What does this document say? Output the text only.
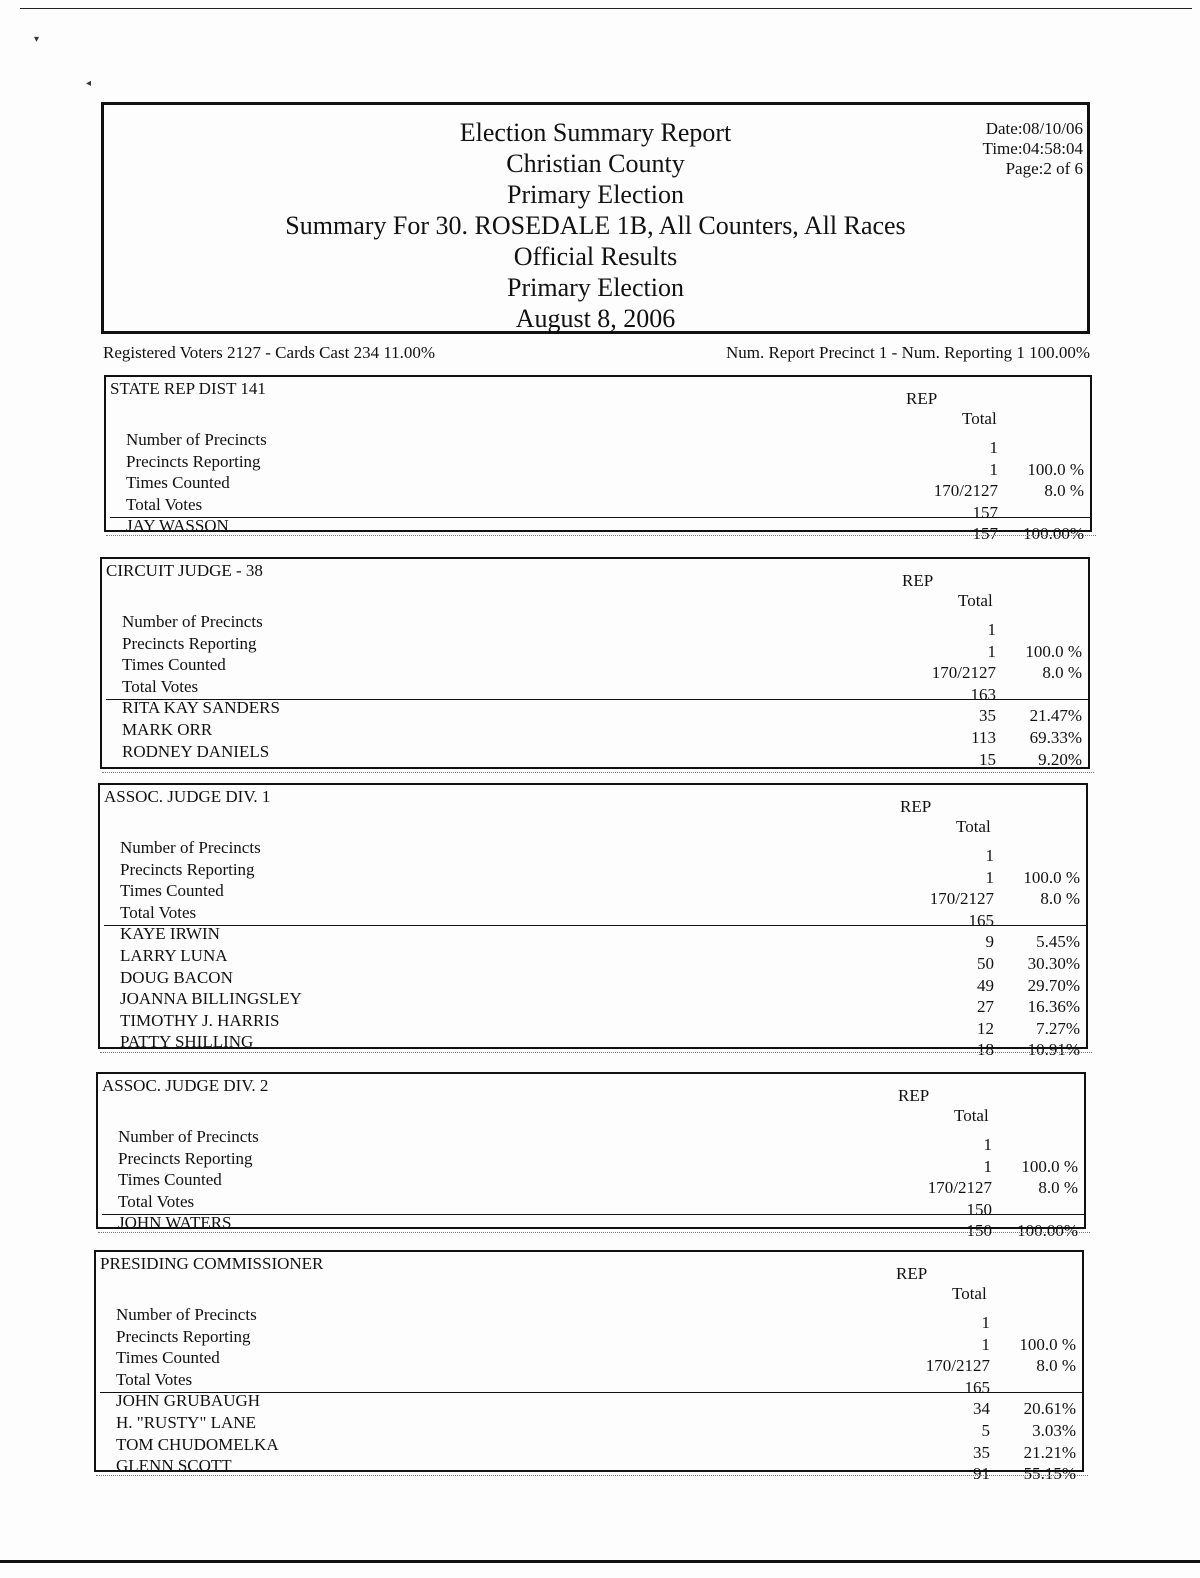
▾
◂
Election Summary Report
Christian County
Primary Election
Summary For 30. ROSEDALE 1B, All Counters, All Races
Official Results
Primary Election
August 8, 2006
Date:08/10/06
Time:04:58:04
Page:2 of 6
Registered Voters 2127 - Cards Cast 234 11.00%	Num. Report Precinct 1 - Num. Reporting 1 100.00%
STATE REP DIST 141
REP
Total
Number of Precincts	1
Precincts Reporting	1 100.0 %
Times Counted	170/2127	8.0 %
Total Votes	157
JAY WASSON	157 100.00%
CIRCUIT JUDGE - 38
REP
Total
Number of Precincts	1
Precincts Reporting	1 100.0 %
Times Counted	170/2127	8.0 %
Total Votes	163
RITA KAY SANDERS	35 21.47%
MARK ORR	113 69.33%
RODNEY DANIELS	15 9.20%
ASSOC. JUDGE DIV. 1
REP
Total
Number of Precincts	1
Precincts Reporting	1 100.0 %
Times Counted	170/2127	8.0 %
Total Votes	165
KAYE IRWIN	9 5.45%
LARRY LUNA	50 30.30%
DOUG BACON	49 29.70%
JOANNA BILLINGSLEY	27 16.36%
TIMOTHY J. HARRIS	12 7.27%
PATTY SHILLING	18 10.91%
ASSOC. JUDGE DIV. 2
REP
Total
Number of Precincts	1
Precincts Reporting	1 100.0 %
Times Counted	170/2127	8.0 %
Total Votes	150
JOHN WATERS	150 100.00%
PRESIDING COMMISSIONER
REP
Total
Number of Precincts	1
Precincts Reporting	1 100.0 %
Times Counted	170/2127	8.0 %
Total Votes	165
JOHN GRUBAUGH	34 20.61%
H. "RUSTY" LANE	5 3.03%
TOM CHUDOMELKA	35 21.21%
GLENN SCOTT	91 55.15%
